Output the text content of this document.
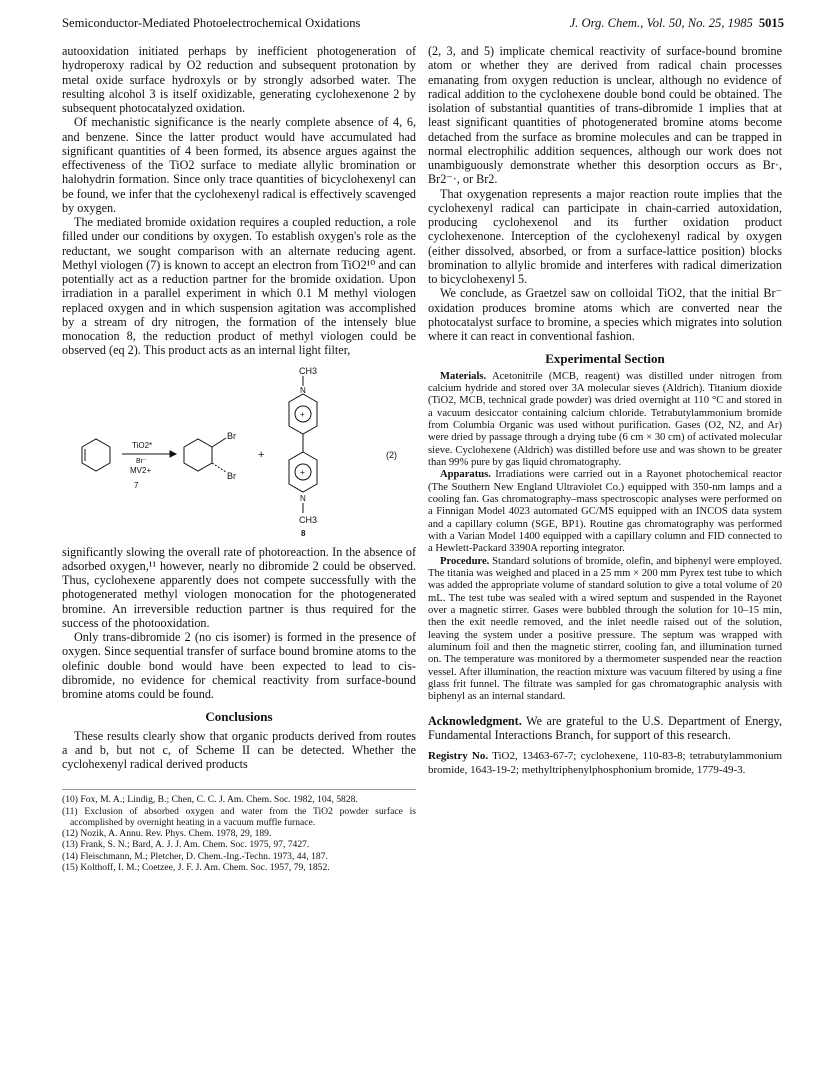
Semiconductor-Mediated Photoelectrochemical Oxidations	J. Org. Chem., Vol. 50, No. 25, 1985 5015

autooxidation initiated perhaps by inefficient photogeneration of hydroperoxy radical by O2 reduction and subsequent protonation by metal oxide surface hydroxyls or by strongly adsorbed water. The resulting alcohol 3 is itself oxidizable, generating cyclohexenone 2 by subsequent photocatalyzed oxidation.

Of mechanistic significance is the nearly complete absence of 4, 6, and benzene. Since the latter product would have accumulated had significant quantities of 4 been formed, its absence argues against the effectiveness of the TiO2 surface to mediate allylic bromination or halohydrin formation. Since only trace quantities of bicyclohexenyl can be found, we infer that the cyclohexenyl radical is effectively scavenged by oxygen.

The mediated bromide oxidation requires a coupled reduction, a role filled under our conditions by oxygen. To establish oxygen's role as the reductant, we sought comparison with an alternate reducing agent. Methyl viologen (7) is known to accept an electron from TiO2¹⁰ and can potentially act as a reduction partner for the bromide oxidation. Upon irradiation in a parallel experiment in which 0.1 M methyl viologen replaced oxygen and in which suspension agitation was accomplished by a stream of dry nitrogen, the formation of the intensely blue monocation 8, the reduction product of methyl viologen could be observed (eq 2). This product acts as an internal light filter,

TiO2*
Br⁻
MV2+
7
Br
Br
+
CH3
N
+
+
N
CH3
8
(2)

significantly slowing the overall rate of photoreaction. In the absence of adsorbed oxygen,¹¹ however, nearly no dibromide 2 could be observed. Thus, cyclohexene apparently does not compete successfully with the photogenerated methyl viologen monocation for the photogenerated bromine. An irreversible reduction partner is thus required for the success of the photooxidation.

Only trans-dibromide 2 (no cis isomer) is formed in the presence of oxygen. Since sequential transfer of surface bound bromine atoms to the olefinic double bond would have been expected to lead to cis-dibromide, no evidence for chemical reactivity from surface-bound bromine atoms could be found.

Conclusions

These results clearly show that organic products derived from routes a and b, but not c, of Scheme II can be detected. Whether the cyclohexenyl radical derived products

(10) Fox, M. A.; Lindig, B.; Chen, C. C. J. Am. Chem. Soc. 1982, 104, 5828.
(11) Exclusion of absorbed oxygen and water from the TiO2 powder surface is accomplished by overnight heating in a vacuum muffle furnace.
(12) Nozik, A. Annu. Rev. Phys. Chem. 1978, 29, 189.
(13) Frank, S. N.; Bard, A. J. J. Am. Chem. Soc. 1975, 97, 7427.
(14) Fleischmann, M.; Pletcher, D. Chem.-Ing.-Techn. 1973, 44, 187.
(15) Kolthoff, I. M.; Coetzee, J. F. J. Am. Chem. Soc. 1957, 79, 1852.

(2, 3, and 5) implicate chemical reactivity of surface-bound bromine atom or whether they are derived from radical chain processes emanating from oxygen reduction is unclear, although no evidence of radical addition to the cyclohexene double bond could be obtained. The isolation of substantial quantities of trans-dibromide 1 implies that at least significant quantities of photogenerated bromine atoms become detached from the surface as bromine molecules and can be trapped in normal electrophilic addition sequences, although our work does not unambiguously demonstrate whether this desorption occurs as Br·, Br2⁻·, or Br2.

That oxygenation represents a major reaction route implies that the cyclohexenyl radical can participate in chain-carried autoxidation, producing cyclohexenol and its further oxidation product cyclohexenone. Interception of the cyclohexenyl radical by oxygen (either dissolved, absorbed, or from a surface-lattice position) blocks bromination to allylic bromide and interferes with radical dimerization to bicyclohexenyl 5.

We conclude, as Graetzel saw on colloidal TiO2, that the initial Br⁻ oxidation produces bromine atoms which are converted near the photocatalyst surface to bromine, a species which migrates into solution where it can react in conventional fashion.

Experimental Section

Materials. Acetonitrile (MCB, reagent) was distilled under nitrogen from calcium hydride and stored over 3A molecular sieves (Aldrich). Titanium dioxide (TiO2, MCB, technical grade powder) was dried overnight at 110 °C and stored in a vacuum desiccator containing calcium chloride. Tetrabutylammonium bromide from Columbia Organic was used without purification. Gases (O2, N2, and Ar) were dried by passage through a drying tube (6 cm × 30 cm) of activated molecular sieve. Cyclohexene (Aldrich) was distilled before use and was shown to be greater than 99% pure by gas liquid chromatography.

Apparatus. Irradiations were carried out in a Rayonet photochemical reactor (The Southern New England Ultraviolet Co.) equipped with 350-nm lamps and a cooling fan. Gas chromatography–mass spectroscopic analyses were performed on a Finnigan Model 4023 automated GC/MS equipped with an INCOS data system and a capillary column (SGE, BP1). Routine gas chromatography was performed with a Varian Model 1400 equipped with a capillary column and FID connected to a Hewlett-Packard 3390A reporting integrator.

Procedure. Standard solutions of bromide, olefin, and biphenyl were employed. The titania was weighed and placed in a 25 mm × 200 mm Pyrex test tube to which was added the appropriate volume of standard solution to give a total volume of 20 mL. The test tube was sealed with a wired septum and suspended in the Rayonet over a magnetic stirrer. Gases were bubbled through the solution for 10–15 min, then the exit needle removed, and the inlet needle raised out of the solution, leaving the system under a positive pressure. The septum was wrapped with aluminum foil and then the magnetic stirrer, cooling fan, and illumination turned on. The temperature was monitored by a thermometer suspended near the reaction vessel. After illumination, the reaction mixture was vacuum filtered by using a fine glass frit funnel. The filtrate was sampled for gas chromatographic analysis with biphenyl as an internal standard.

Acknowledgment. We are grateful to the U.S. Department of Energy, Fundamental Interactions Branch, for support of this research.
Registry No. TiO2, 13463-67-7; cyclohexene, 110-83-8; tetrabutylammonium bromide, 1643-19-2; methyltriphenylphosphonium bromide, 1779-49-3.
